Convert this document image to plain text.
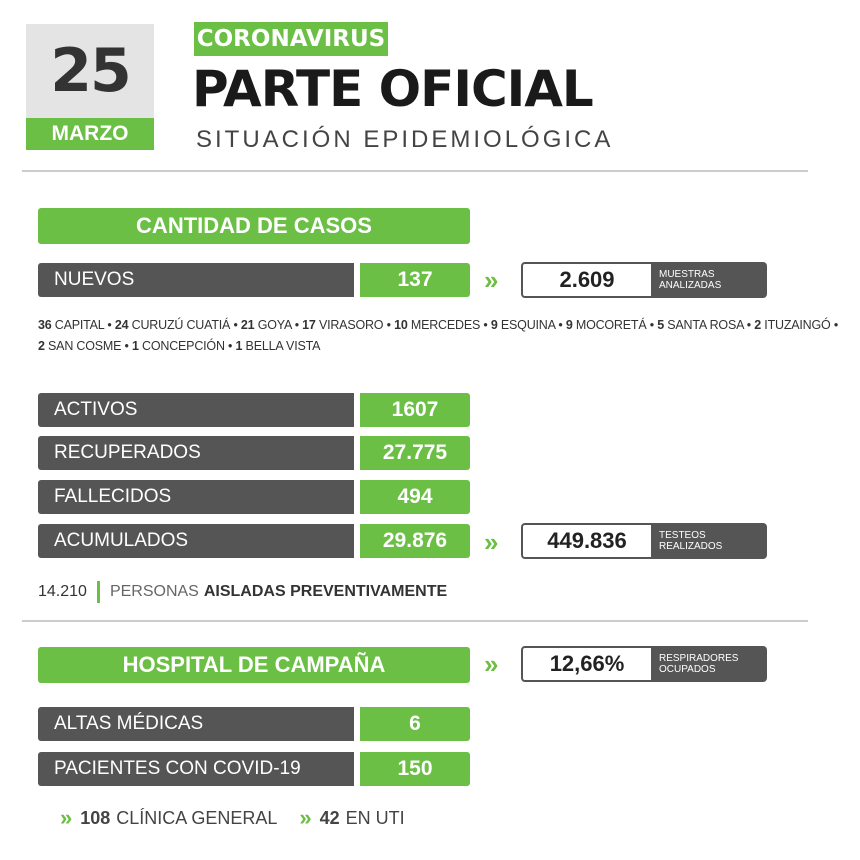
25
MARZO
CORONAVIRUS
PARTE OFICIAL
SITUACIÓN EPIDEMIOLÓGICA
CANTIDAD DE CASOS
NUEVOS	137	»	2.609	MUESTRAS
ANALIZADAS
36 CAPITAL • 24 CURUZÚ CUATIÁ • 21 GOYA • 17 VIRASORO • 10 MERCEDES • 9 ESQUINA • 9 MOCORETÁ • 5 SANTA ROSA • 2 ITUZAINGÓ •
2 SAN COSME • 1 CONCEPCIÓN • 1 BELLA VISTA
ACTIVOS	1607
RECUPERADOS	27.775
FALLECIDOS	494
ACUMULADOS	29.876	»	449.836	TESTEOS
REALIZADOS
14.210 PERSONAS AISLADAS PREVENTIVAMENTE
HOSPITAL DE CAMPAÑA	»	12,66%	RESPIRADORES
OCUPADOS
ALTAS MÉDICAS	6
PACIENTES CON COVID-19	150
» 108 CLÍNICA GENERAL » 42 EN UTI
